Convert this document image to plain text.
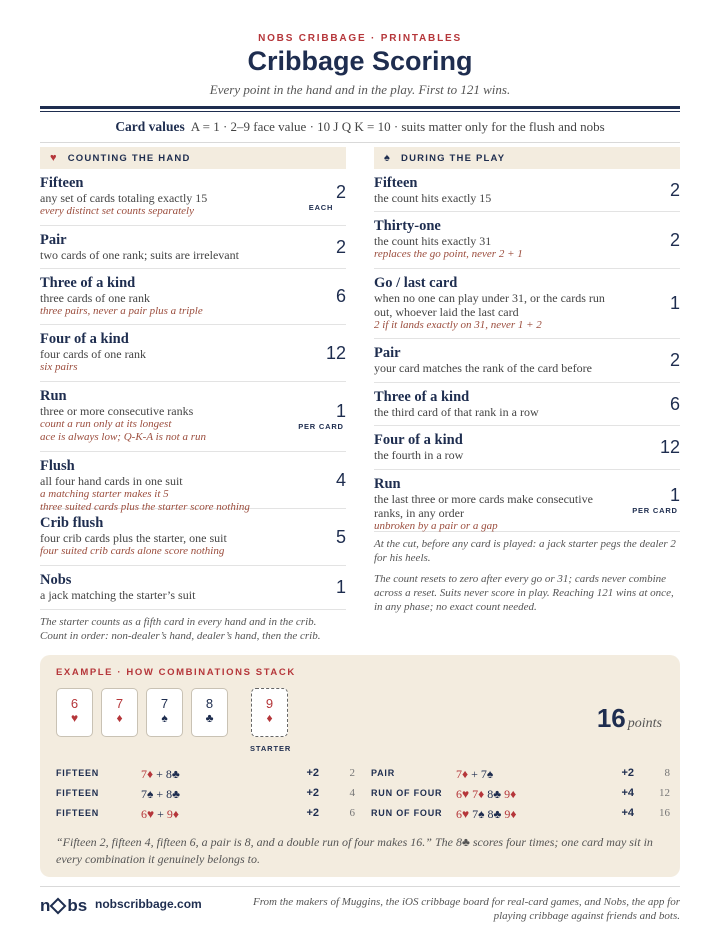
NOBS CRIBBAGE · PRINTABLES
Cribbage Scoring
Every point in the hand and in the play. First to 121 wins.
Card values A = 1 · 2–9 face value · 10 J Q K = 10 · suits matter only for the flush and nobs
♥ COUNTING THE HAND
Fifteen
any set of cards totaling exactly 15
every distinct set counts separately
2
EACH
Pair
two cards of one rank; suits are irrelevant	2
Three of a kind
three cards of one rank
three pairs, never a pair plus a triple
6
Four of a kind
four cards of one rank
six pairs
12
Run
three or more consecutive ranks
count a run only at its longest
ace is always low; Q-K-A is not a run
1
PER CARD
Flush
all four hand cards in one suit
a matching starter makes it 5
three suited cards plus the starter score nothing
4
Crib flush
four crib cards plus the starter, one suit
four suited crib cards alone score nothing
5
Nobs
a jack matching the starter’s suit	1
The starter counts as a fifth card in every hand and in the crib. Count in order: non-dealer’s hand, dealer’s hand, then the crib.
♠ DURING THE PLAY
Fifteen
the count hits exactly 15	2
Thirty-one
the count hits exactly 31
replaces the go point, never 2 + 1
2
Go / last card
when no one can play under 31, or the cards run out, whoever laid the last card
2 if it lands exactly on 31, never 1 + 2
1
Pair
your card matches the rank of the card before	2
Three of a kind
the third card of that rank in a row	6
Four of a kind
the fourth in a row	12
Run
the last three or more cards make consecutive ranks, in any order
unbroken by a pair or a gap
1
PER CARD
At the cut, before any card is played: a jack starter pegs the dealer 2 for his heels.
The count resets to zero after every go or 31; cards never combine across a reset. Suits never score in play. Reaching 121 wins at once, in any phase; no exact count needed.
EXAMPLE · HOW COMBINATIONS STACK
STARTER
16 points
“Fifteen 2, fifteen 4, fifteen 6, a pair is 8, and a double run of four makes 16.” The 8♣ scores four times; one card may sit in every combination it genuinely belongs to.
6
♥
7
♦
7
♠
8
♣
9
♦
FIFTEEN	7♦ + 8♣	+2	2
FIFTEEN	7♠ + 8♣	+2	4
FIFTEEN	6♥ + 9♦	+2	6
PAIR	7♦ + 7♠	+2	8
RUN OF FOUR 6♥ 7♦ 8♣ 9♦	+4	12
RUN OF FOUR 6♥ 7♠ 8♣ 9♦	+4	16
n bs nobscribbage.com	From the makers of Muggins, the iOS cribbage board for real-card games, and Nobs, the app for playing cribbage against friends and bots.
